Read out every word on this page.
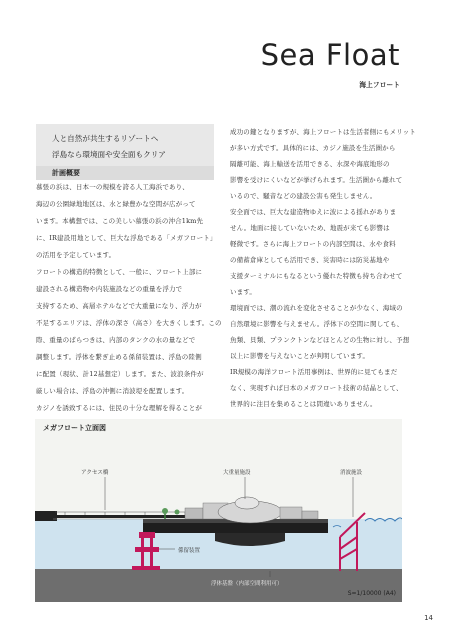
Sea Float
海上フロート
人と自然が共生するリゾートへ
浮島なら環境面や安全面もクリア
計画概要
慕張の浜は、日本一の規模を誇る人工海浜であり、
海辺の公園緑地地区は、水と緑豊かな空間が広がって
います。本構想では、この美しい慕張の浜の沖合1km先
に、IR建設用地として、巨大な浮島である「メガフロート」
の活用を予定しています。
フロートの構造的特徴として、一般に、フロート上部に
建設される構造物や内装施設などの重量を浮力で
支持するため、高層ホテルなどで大重量になり、浮力が
不足するエリアは、浮体の深さ（高さ）を大きくします。この
際、重量のばらつきは、内部のタンクの水の量などで
調整します。浮体を繋ぎ止める係留装置は、浮島の陸側
に配置（現状、計12基想定）します。また、波浪条件が
厳しい場合は、浮島の沖側に消波堤を配置します。
カジノを誘致するには、住民の十分な理解を得ることが
成功の鍵となりますが、海上フロートは生活者側にもメリット
が多い方式です。具体的には、カジノ施設を生活圏から
隔離可能、海上輸送を活用できる、水深や海底地形の
影響を受けにくいなどが挙げられます。生活圏から離れて
いるので、騒音などの建設公害も発生しません。
安全面では、巨大な建造物ゆえに波による揺れがありま
せん。地面に接していないため、地震が来ても影響は
軽微です。さらに海上フロートの内部空間は、水や食料
の備蓄倉庫としても活用でき、災害時には防災基地や
支援ターミナルにもなるという優れた特徴も持ち合わせて
います。
環境面では、潮の流れを変化させることが少なく、海域の
自然環境に影響を与えません。浮体下の空間に関しても、
魚類、貝類、プランクトンなどほとんどの生物に対し、予想
以上に影響を与えないことが判明しています。
IR規模の海洋フロート活用事例は、世界的に見てもまだ
なく、実現すれば日本のメガフロート技術の結晶として、
世界的に注目を集めることは間違いありません。
メガフロート立面図
アクセス橋	大重量施設	消波施設
係留装置
浮体基盤（内部空間利用可）
S=1/10000 (A4)
14
